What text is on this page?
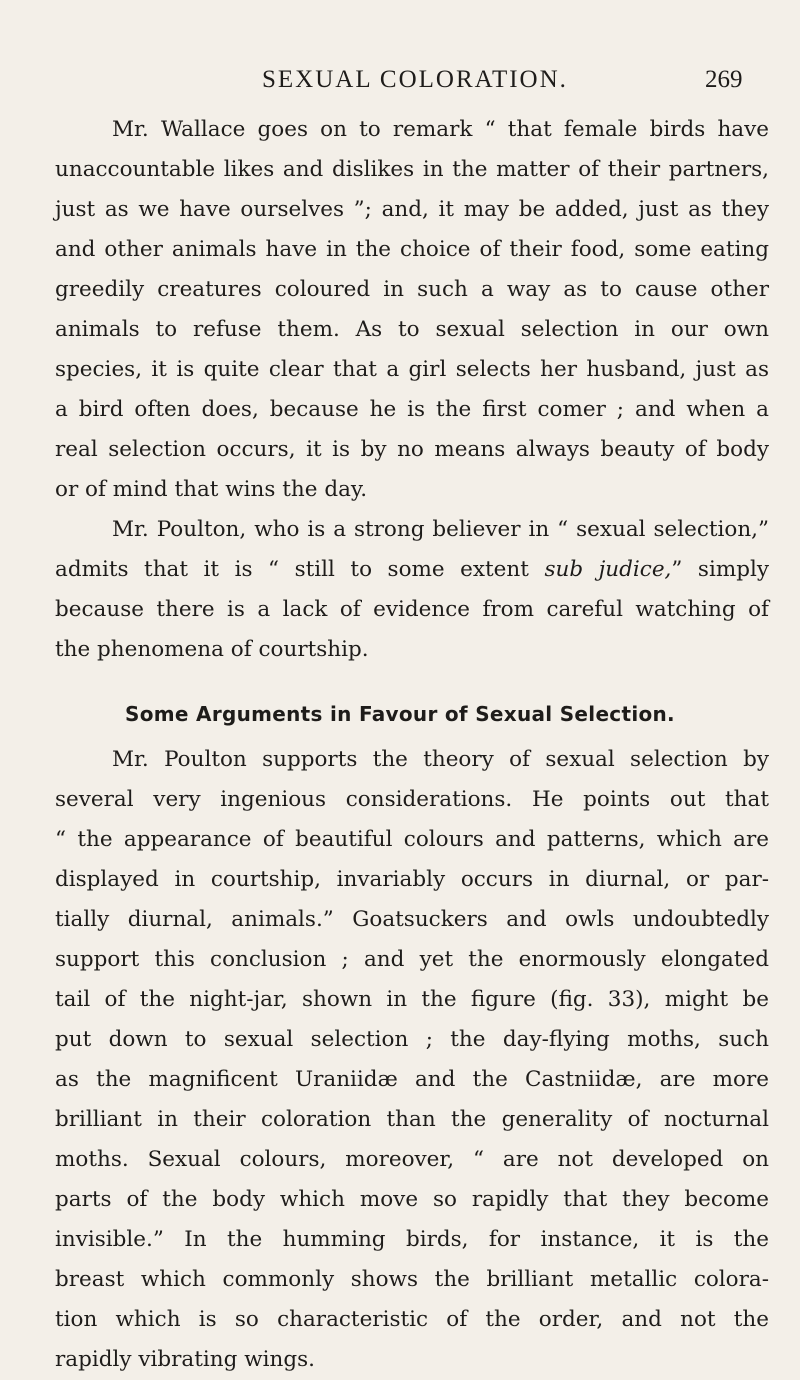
SEXUAL COLORATION.	269

Mr. Wallace goes on to remark “ that female birds have

unaccountable likes and dislikes in the matter of their partners,

just as we have ourselves ”; and, it may be added, just as they

and other animals have in the choice of their food, some eating

greedily creatures coloured in such a way as to cause other

animals to refuse them. As to sexual selection in our own

species, it is quite clear that a girl selects her husband, just as

a bird often does, because he is the first comer ; and when a

real selection occurs, it is by no means always beauty of body

or of mind that wins the day.

Mr. Poulton, who is a strong believer in “ sexual selection,”

admits that it is “ still to some extent sub judice,” simply

because there is a lack of evidence from careful watching of

the phenomena of courtship.

Some Arguments in Favour of Sexual Selection.

Mr. Poulton supports the theory of sexual selection by

several very ingenious considerations. He points out that

“ the appearance of beautiful colours and patterns, which are

displayed in courtship, invariably occurs in diurnal, or par-

tially diurnal, animals.” Goatsuckers and owls undoubtedly

support this conclusion ; and yet the enormously elongated

tail of the night-jar, shown in the figure (fig. 33), might be

put down to sexual selection ; the day-flying moths, such

as the magnificent Uraniidæ and the Castniidæ, are more

brilliant in their coloration than the generality of nocturnal

moths. Sexual colours, moreover, “ are not developed on

parts of the body which move so rapidly that they become

invisible.” In the humming birds, for instance, it is the

breast which commonly shows the brilliant metallic colora-

tion which is so characteristic of the order, and not the

rapidly vibrating wings.
